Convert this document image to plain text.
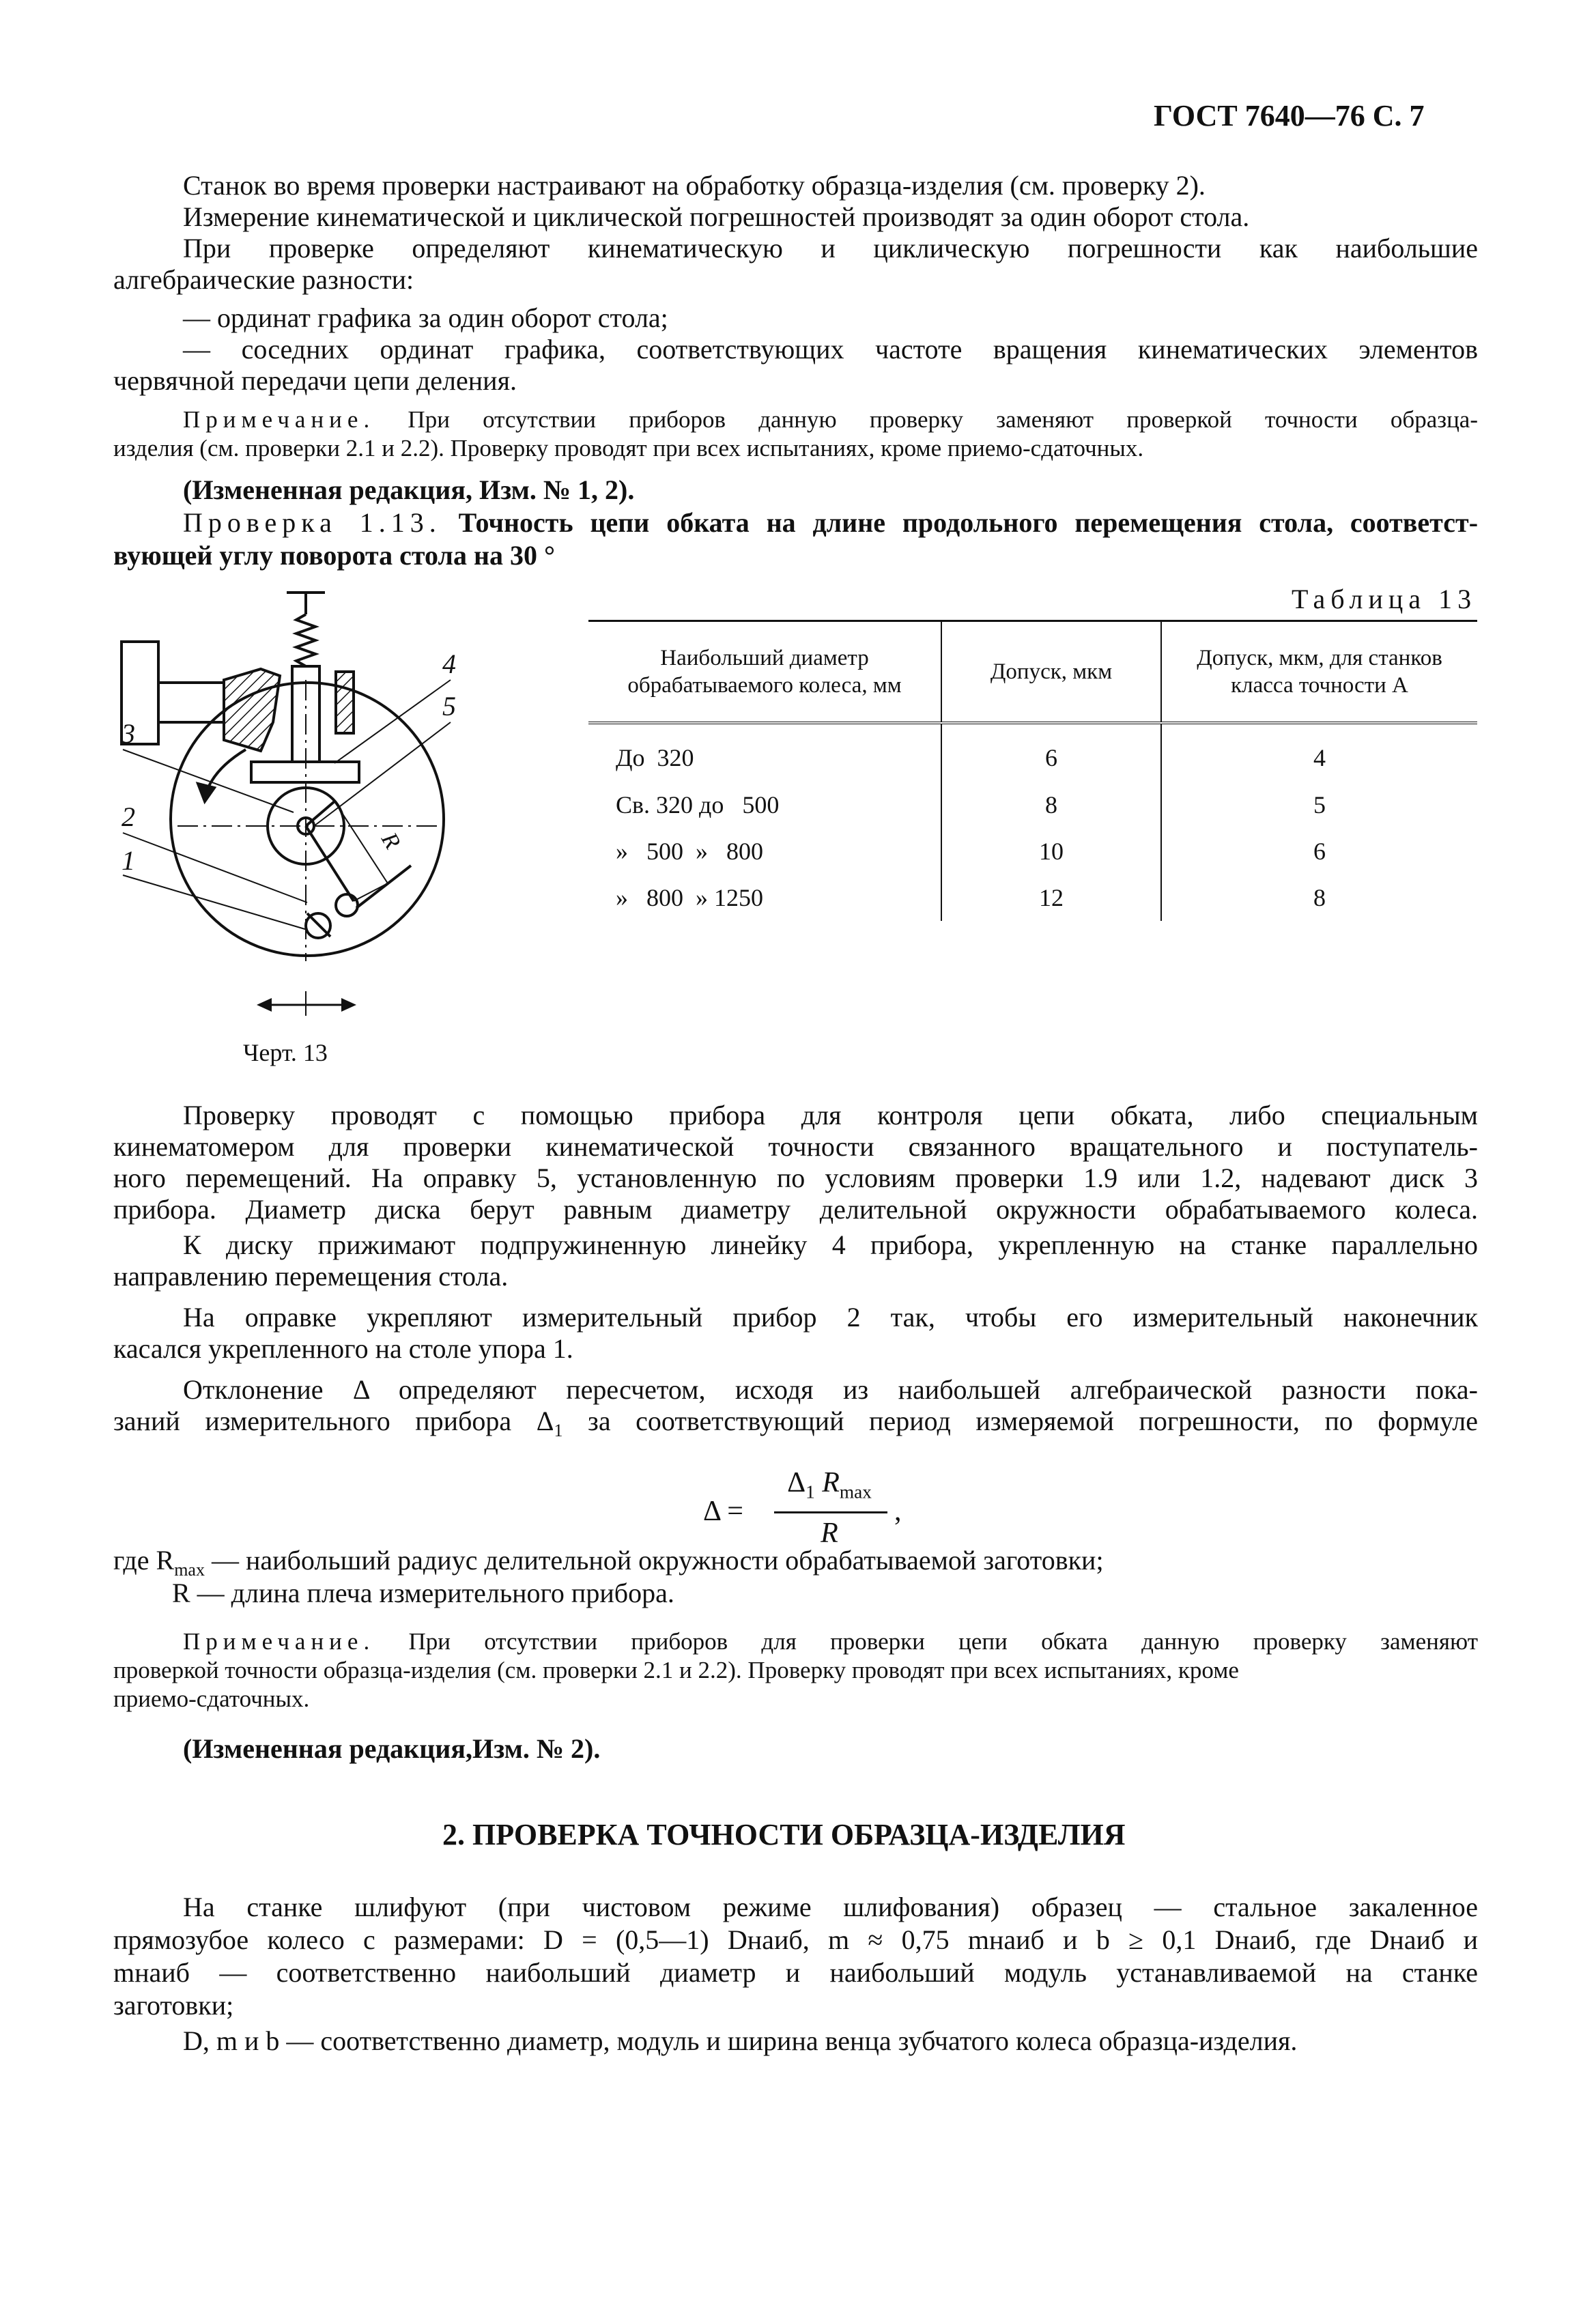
ГОСТ 7640—76 С. 7
Станок во время проверки настраивают на обработку образца-изделия (см. проверку 2).
Измерение кинематической и циклической погрешностей производят за один оборот стола.
При проверке определяют кинематическую и циклическую погрешности как наибольшие
алгебраические разности:
— ординат графика за один оборот стола;
— соседних ординат графика, соответствующих частоте вращения кинематических элементов
червячной передачи цепи деления.
Примечание. При отсутствии приборов данную проверку заменяют проверкой точности образца-
изделия (см. проверки 2.1 и 2.2). Проверку проводят при всех испытаниях, кроме приемо-сдаточных.
(Измененная редакция, Изм. № 1, 2).
Проверка 1.13. Точность цепи обката на длине продольного перемещения стола, соответст-
вующей углу поворота стола на 30 °
3
2
1
4
5
R
Черт. 13
Таблица 13
Наибольший диаметр
обрабатываемого колеса, мм	Допуск, мкм	Допуск, мкм, для станков
класса точности А
До  320	6	4
Св. 320 до   500	8	5
»   500  »   800	10	6
»   800  » 1250	12	8
Проверку проводят с помощью прибора для контроля цепи обката, либо специальным
кинематомером для проверки кинематической точности связанного вращательного и поступатель-
ного перемещений. На оправку 5, установленную по условиям проверки 1.9 или 1.2, надевают диск 3
прибора. Диаметр диска берут равным диаметру делительной окружности обрабатываемого колеса.
К диску прижимают подпружиненную линейку 4 прибора, укрепленную на станке параллельно
направлению перемещения стола.
На оправке укрепляют измерительный прибор 2 так, чтобы его измерительный наконечник
касался укрепленного на столе упора 1.
Отклонение Δ определяют пересчетом, исходя из наибольшей алгебраической разности пока-
заний измерительного прибора $\Delta_1$ за соответствующий период измеряемой погрешности, по формуле
Δ =
$\Delta_1$ $R_{max}$
R
,
где $R_{max}$ — наибольший радиус делительной окружности обрабатываемой заготовки;
R — длина плеча измерительного прибора.
Примечание. При отсутствии приборов для проверки цепи обката данную проверку заменяют
проверкой точности образца-изделия (см. проверки 2.1 и 2.2). Проверку проводят при всех испытаниях, кроме
приемо-сдаточных.
(Измененная редакция,Изм. № 2).
2. ПРОВЕРКА ТОЧНОСТИ ОБРАЗЦА-ИЗДЕЛИЯ
На станке шлифуют (при чистовом режиме шлифования) образец — стальное закаленное
прямозубое колесо с размерами: D = (0,5—1) Dнаиб, m ≈ 0,75 mнаиб и b ≥ 0,1 Dнаиб, где Dнаиб и
mнаиб — соответственно наибольший диаметр и наибольший модуль устанавливаемой на станке
заготовки;
D, m и b — соответственно диаметр, модуль и ширина венца зубчатого колеса образца-изделия.
